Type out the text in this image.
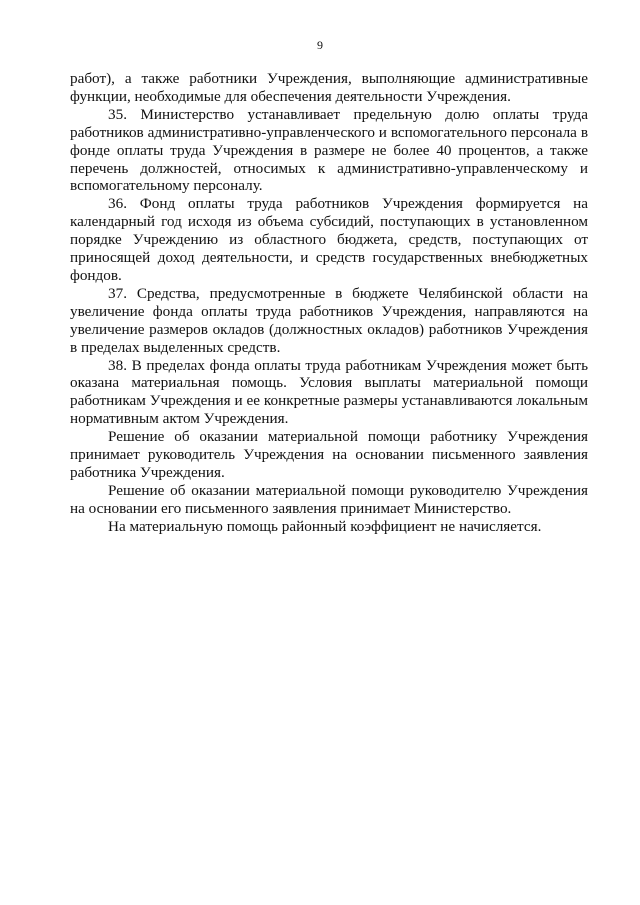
9

работ), а также работники Учреждения, выполняющие административные функции, необходимые для обеспечения деятельности Учреждения.

35. Министерство устанавливает предельную долю оплаты труда работников административно-управленческого и вспомогательного персонала в фонде оплаты труда Учреждения в размере не более 40 процентов, а также перечень должностей, относимых к административно-управленческому и вспомогательному персоналу.

36. Фонд оплаты труда работников Учреждения формируется на календарный год исходя из объема субсидий, поступающих в установленном порядке Учреждению из областного бюджета, средств, поступающих от приносящей доход деятельности, и средств государственных внебюджетных фондов.

37. Средства, предусмотренные в бюджете Челябинской области на увеличение фонда оплаты труда работников Учреждения, направляются на увеличение размеров окладов (должностных окладов) работников Учреждения в пределах выделенных средств.

38. В пределах фонда оплаты труда работникам Учреждения может быть оказана материальная помощь. Условия выплаты материальной помощи работникам Учреждения и ее конкретные размеры устанавливаются локальным нормативным актом Учреждения.

Решение об оказании материальной помощи работнику Учреждения принимает руководитель Учреждения на основании письменного заявления работника Учреждения.

Решение об оказании материальной помощи руководителю Учреждения на основании его письменного заявления принимает Министерство.

На материальную помощь районный коэффициент не начисляется.
